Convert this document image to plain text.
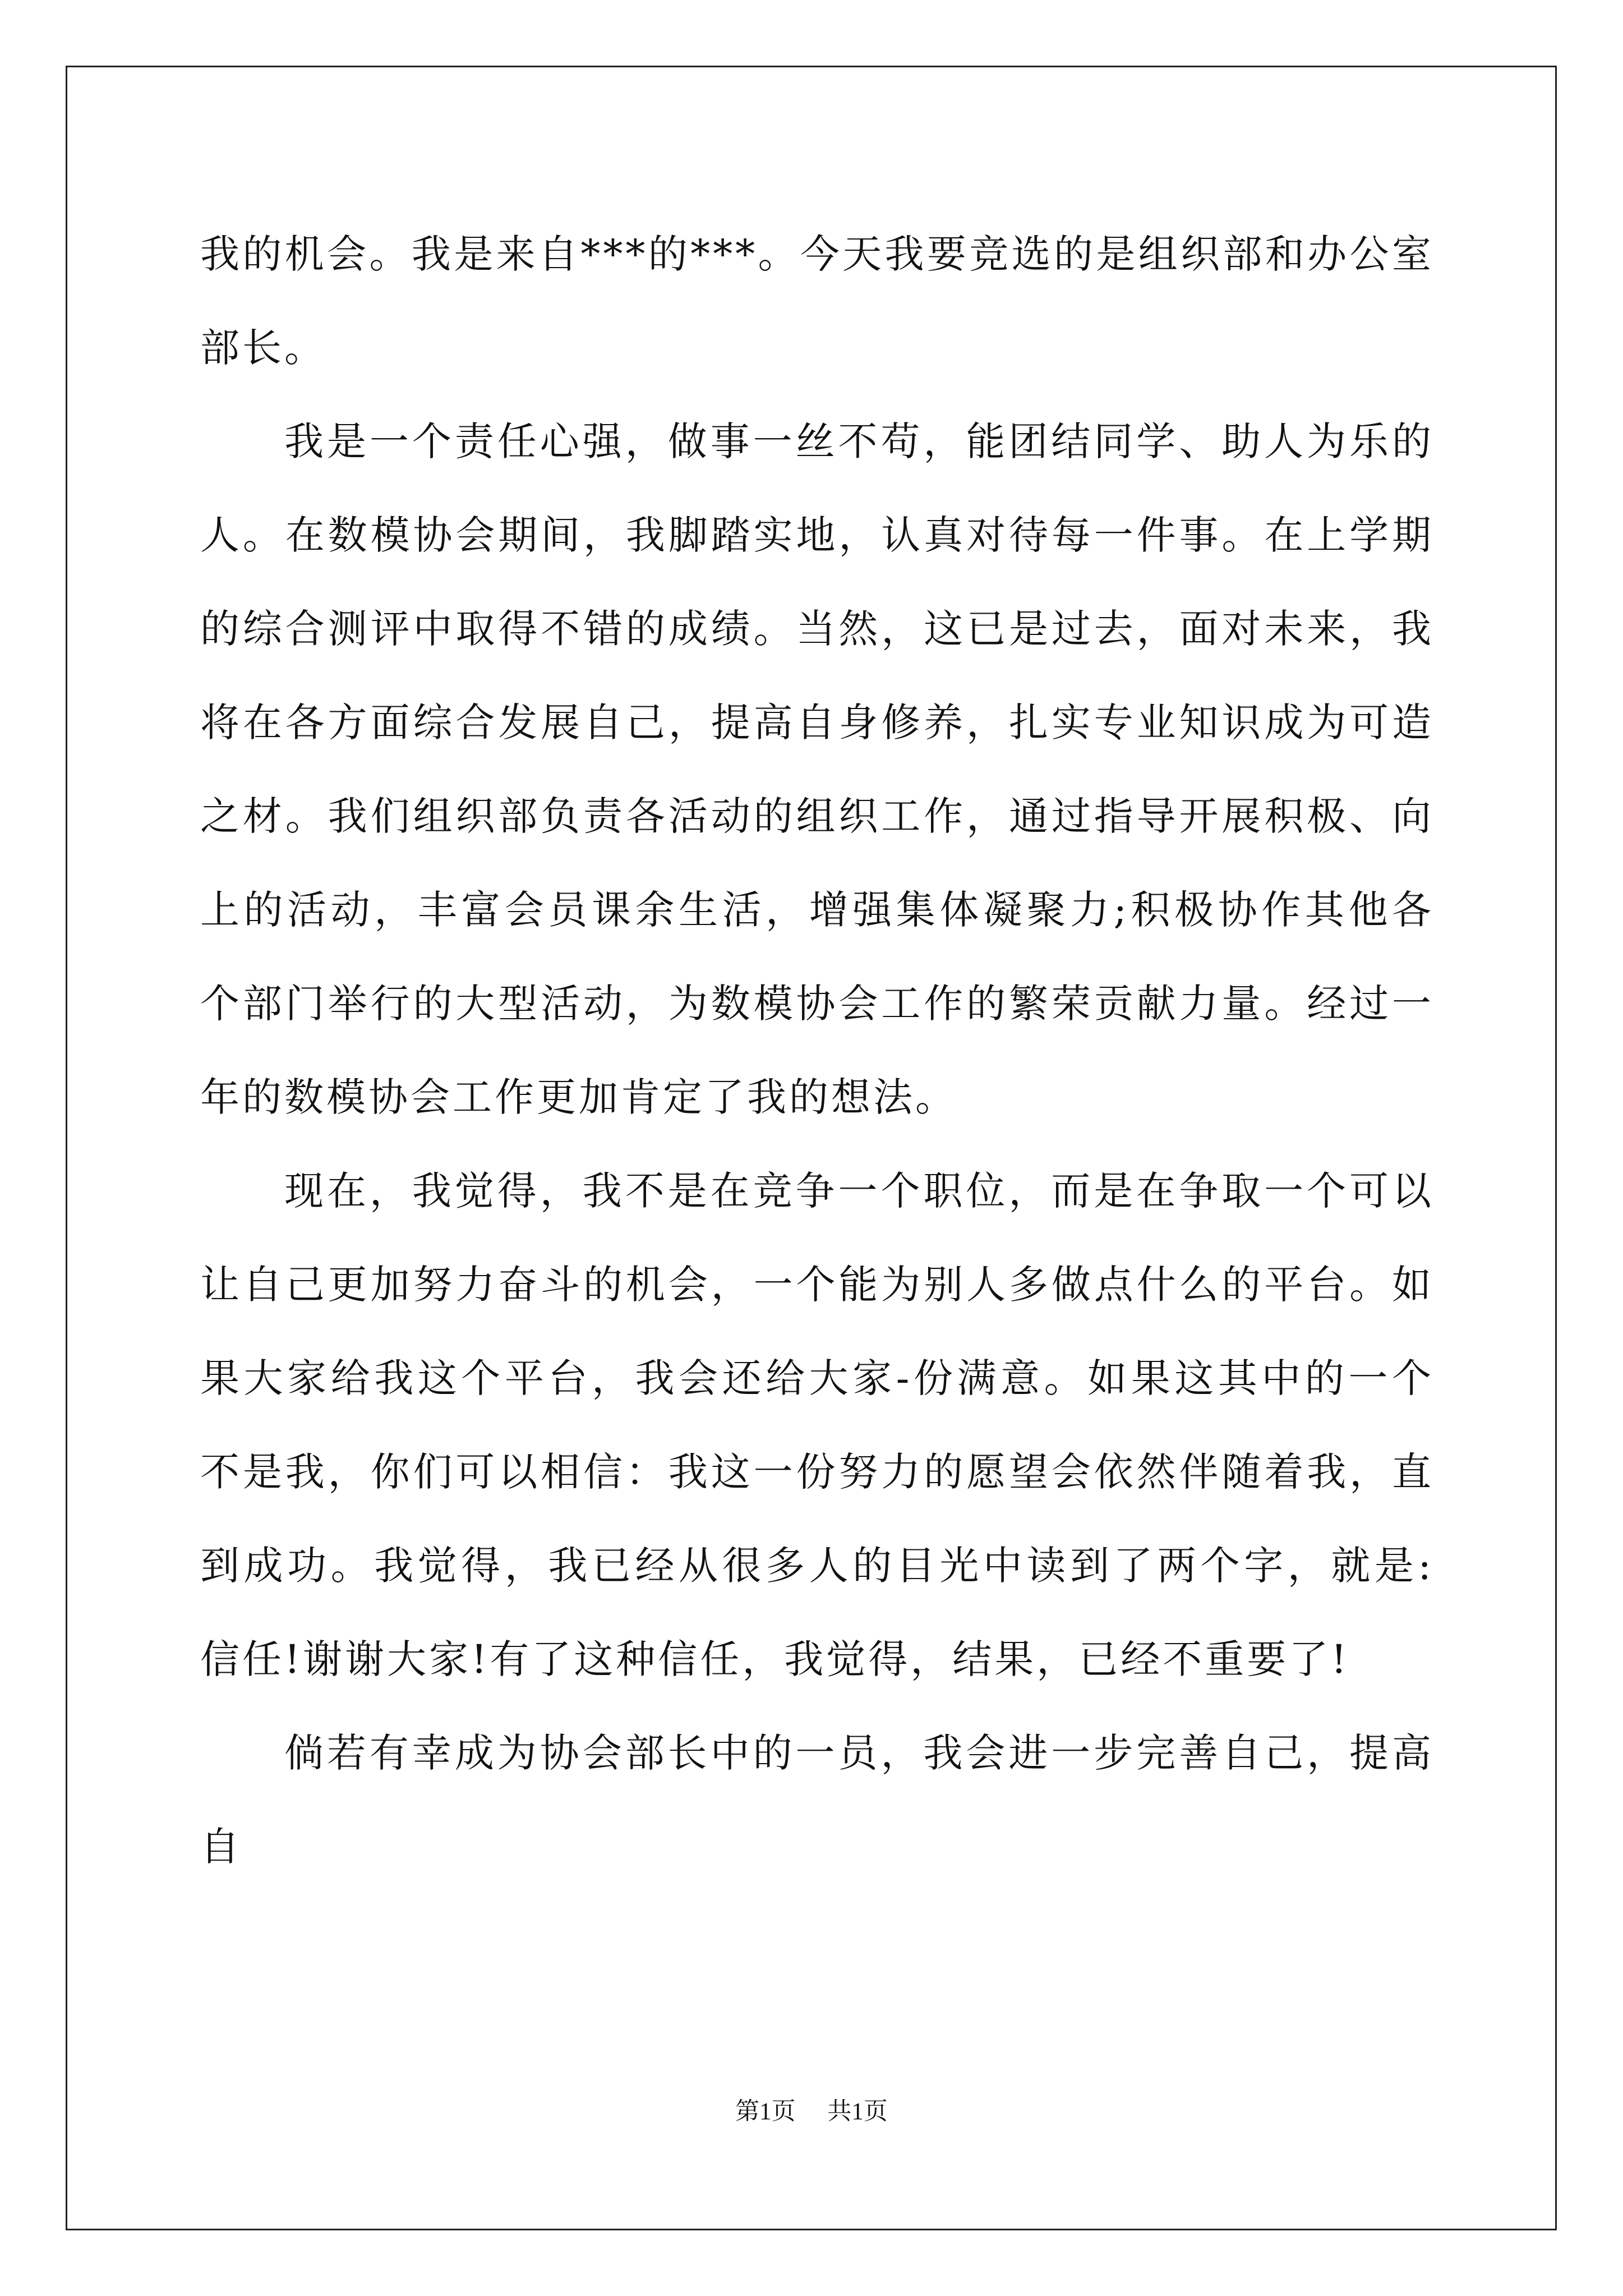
我的机会。我是来自***的***。今天我要竞选的是组织部和办公室部长。

我是一个责任心强，做事一丝不苟，能团结同学、助人为乐的人。在数模协会期间，我脚踏实地，认真对待每一件事。在上学期的综合测评中取得不错的成绩。当然，这已是过去，面对未来，我将在各方面综合发展自己，提高自身修养，扎实专业知识成为可造之材。我们组织部负责各活动的组织工作，通过指导开展积极、向上的活动，丰富会员课余生活，增强集体凝聚力;积极协作其他各个部门举行的大型活动，为数模协会工作的繁荣贡献力量。经过一年的数模协会工作更加肯定了我的想法。

现在，我觉得，我不是在竞争一个职位，而是在争取一个可以让自己更加努力奋斗的机会，一个能为别人多做点什么的平台。如果大家给我这个平台，我会还给大家-份满意。如果这其中的一个不是我，你们可以相信：我这一份努力的愿望会依然伴随着我，直到成功。我觉得，我已经从很多人的目光中读到了两个字，就是:信任!谢谢大家!有了这种信任，我觉得，结果，已经不重要了!

倘若有幸成为协会部长中的一员，我会进一步完善自己，提高自

第1页 共1页
